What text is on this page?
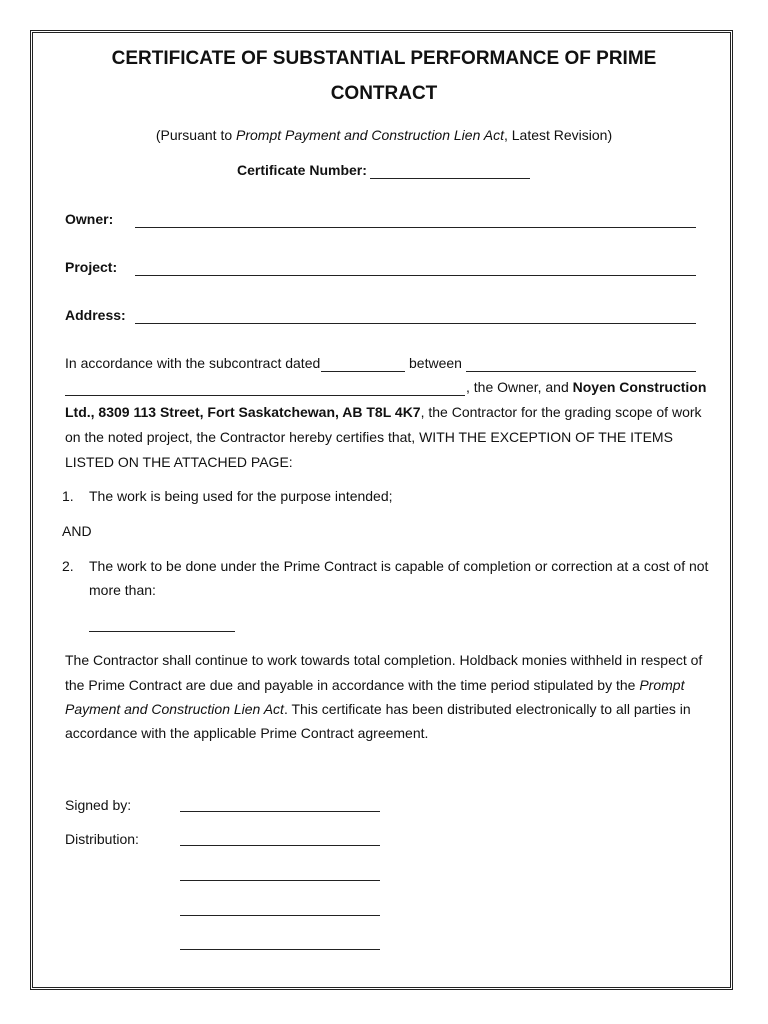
CERTIFICATE OF SUBSTANTIAL PERFORMANCE OF PRIME
CONTRACT
(Pursuant to Prompt Payment and Construction Lien Act, Latest Revision)
Certificate Number:
Owner:
Project:
Address:
In accordance with the subcontract dated	between
, the Owner, and Noyen Construction
Ltd., 8309 113 Street, Fort Saskatchewan, AB T8L 4K7, the Contractor for the grading scope of work
on the noted project, the Contractor hereby certifies that, WITH THE EXCEPTION OF THE ITEMS
LISTED ON THE ATTACHED PAGE:
1. The work is being used for the purpose intended;
AND
2. The work to be done under the Prime Contract is capable of completion or correction at a cost of not
more than:
The Contractor shall continue to work towards total completion. Holdback monies withheld in respect of
the Prime Contract are due and payable in accordance with the time period stipulated by the Prompt
Payment and Construction Lien Act. This certificate has been distributed electronically to all parties in
accordance with the applicable Prime Contract agreement.
Signed by:
Distribution:
